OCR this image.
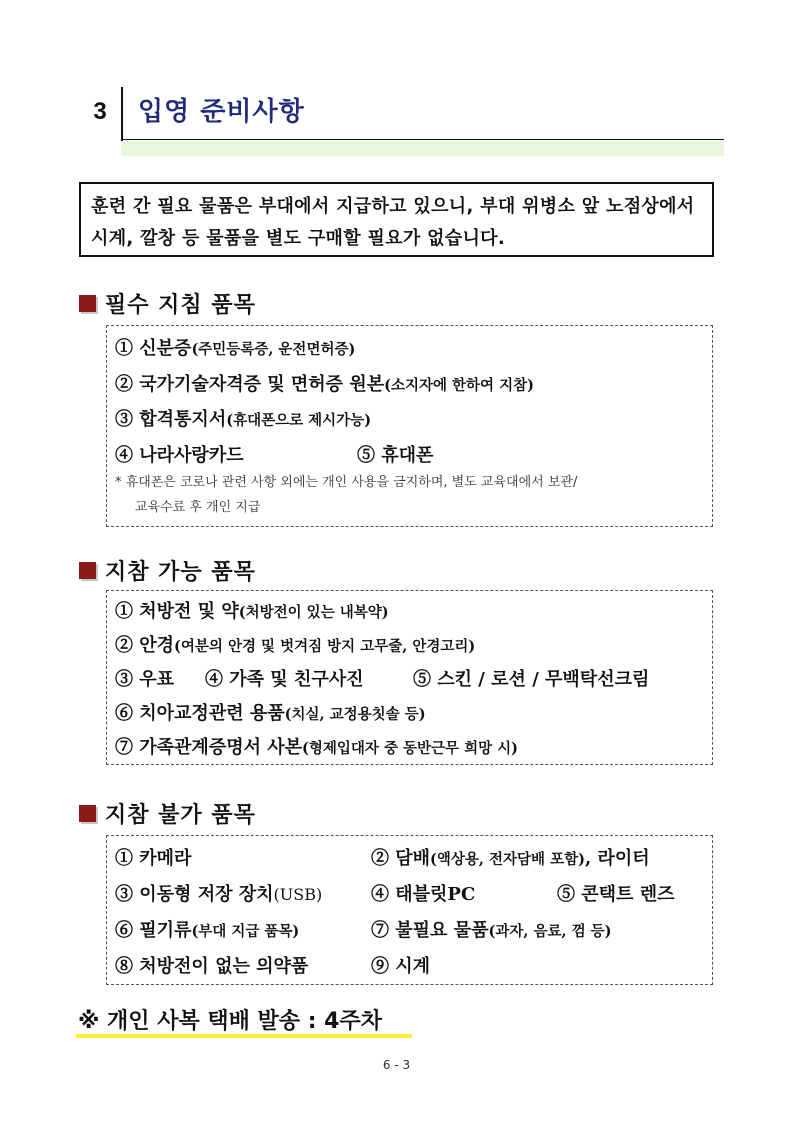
3	입영 준비사항
훈련 간 필요 물품은 부대에서 지급하고 있으니, 부대 위병소 앞 노점상에서
시계, 깔창 등 물품을 별도 구매할 필요가 없습니다.
필수 지침 품목
① 신분증(주민등록증, 운전면허증)
② 국가기술자격증 및 면허증 원본(소지자에 한하여 지참)
③ 합격통지서(휴대폰으로 제시가능)
④ 나라사랑카드	⑤ 휴대폰
* 휴대폰은 코로나 관련 사항 외에는 개인 사용을 금지하며, 별도 교육대에서 보관/
교육수료 후 개인 지급
지참 가능 품목
① 처방전 및 약(처방전이 있는 내복약)
② 안경(여분의 안경 및 벗겨짐 방지 고무줄, 안경고리)
③ 우표 ④ 가족 및 친구사진	⑤ 스킨 / 로션 / 무백탁선크림
⑥ 치아교정관련 용품(치실, 교정용칫솔 등)
⑦ 가족관계증명서 사본(형제입대자 중 동반근무 희망 시)
지참 불가 품목
① 카메라	② 담배(액상용, 전자담배 포함), 라이터
③ 이동형 저장 장치(USB)	④ 태블릿PC	⑤ 콘택트 렌즈
⑥ 필기류(부대 지급 품목)	⑦ 불필요 물품(과자, 음료, 껌 등)
⑧ 처방전이 없는 의약품	⑨ 시계
※ 개인 사복 택배 발송 : 4주차
6 - 3
